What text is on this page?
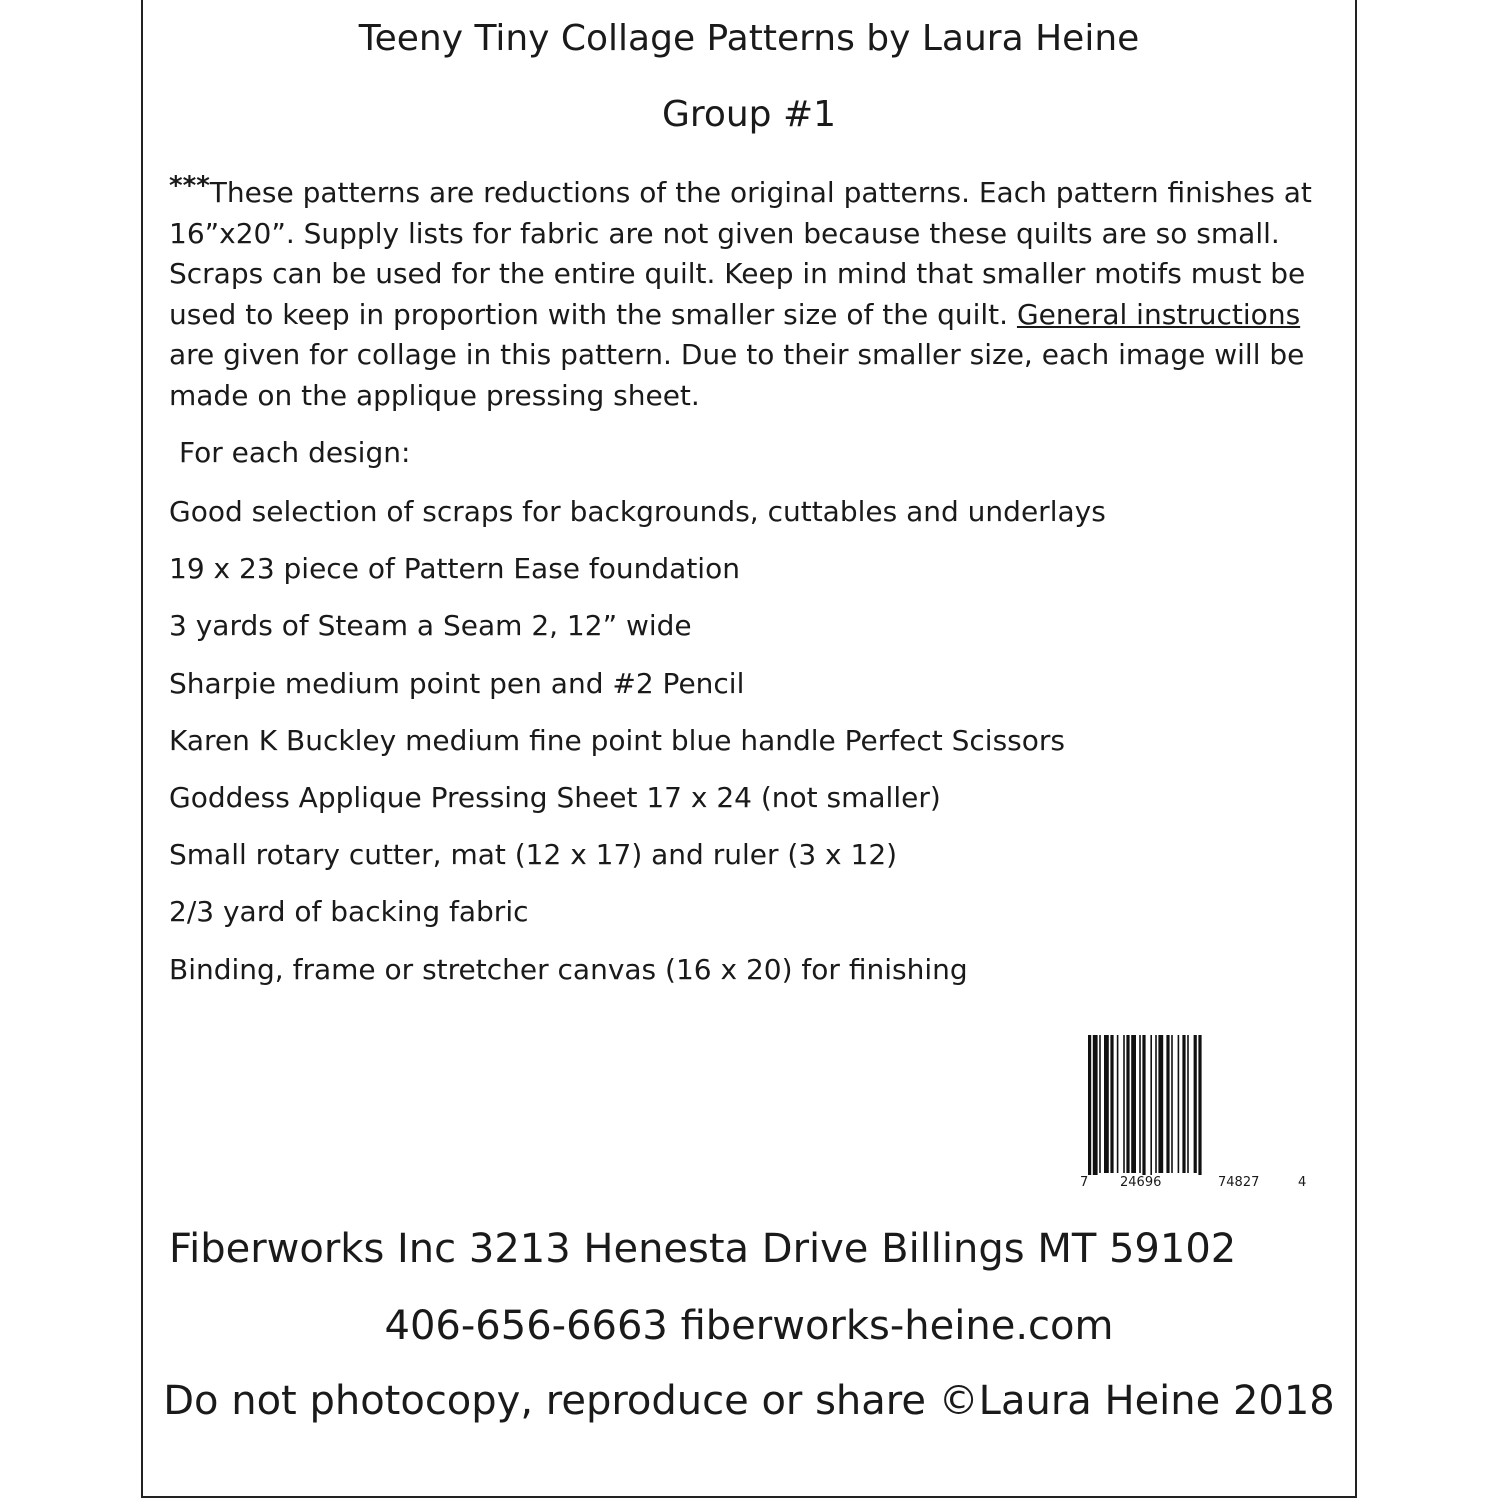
Teeny Tiny Collage Patterns by Laura Heine
Group #1
***These patterns are reductions of the original patterns. Each pattern finishes at 16”x20”. Supply lists for fabric are not given because these quilts are so small. Scraps can be used for the entire quilt. Keep in mind that smaller motifs must be used to keep in proportion with the smaller size of the quilt. General instructions are given for collage in this pattern. Due to their smaller size, each image will be made on the applique pressing sheet.
For each design:
Good selection of scraps for backgrounds, cuttables and underlays
19 x 23 piece of Pattern Ease foundation
3 yards of Steam a Seam 2, 12” wide
Sharpie medium point pen and #2 Pencil
Karen K Buckley medium fine point blue handle Perfect Scissors
Goddess Applique Pressing Sheet 17 x 24 (not smaller)
Small rotary cutter, mat (12 x 17) and ruler (3 x 12)
2/3 yard of backing fabric
Binding, frame or stretcher canvas (16 x 20) for finishing
7 24696	74827	4
Fiberworks Inc 3213 Henesta Drive Billings MT 59102
406-656-6663 fiberworks-heine.com
Do not photocopy, reproduce or share ©Laura Heine 2018
